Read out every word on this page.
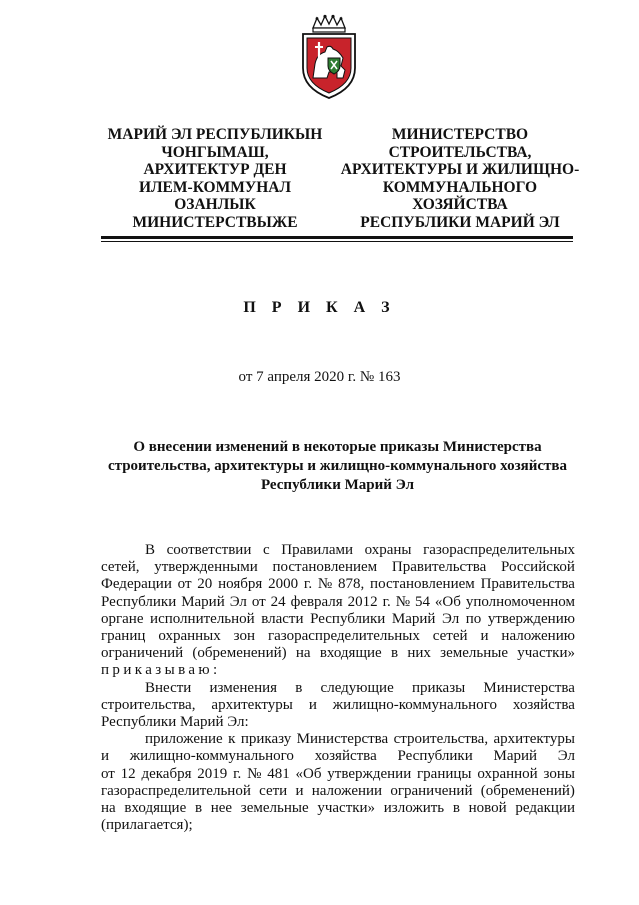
МАРИЙ ЭЛ РЕСПУБЛИКЫН
ЧОНГЫМАШ,
АРХИТЕКТУР ДЕН
ИЛЕМ-КОММУНАЛ
ОЗАНЛЫК
МИНИСТЕРСТВЫЖЕ
МИНИСТЕРСТВО
СТРОИТЕЛЬСТВА,
АРХИТЕКТУРЫ И ЖИЛИЩНО-
КОММУНАЛЬНОГО
ХОЗЯЙСТВА
РЕСПУБЛИКИ МАРИЙ ЭЛ
П Р И К А З
от 7 апреля 2020 г. № 163
О внесении изменений в некоторые приказы Министерства
строительства, архитектуры и жилищно-коммунального хозяйства
Республики Марий Эл
В соответствии с Правилами охраны газораспределительных
сетей, утвержденными постановлением Правительства Российской
Федерации от 20 ноября 2000 г. № 878, постановлением Правительства
Республики Марий Эл от 24 февраля 2012 г. № 54 «Об уполномоченном
органе исполнительной власти Республики Марий Эл по утверждению
границ охранных зон газораспределительных сетей и наложению
ограничений (обременений) на входящие в них земельные участки»
приказываю:
Внести изменения в следующие приказы Министерства
строительства, архитектуры и жилищно-коммунального хозяйства
Республики Марий Эл:
приложение к приказу Министерства строительства, архитектуры
и жилищно-коммунального хозяйства Республики Марий Эл
от 12 декабря 2019 г. № 481 «Об утверждении границы охранной зоны
газораспределительной сети и наложении ограничений (обременений)
на входящие в нее земельные участки» изложить в новой редакции
(прилагается);
